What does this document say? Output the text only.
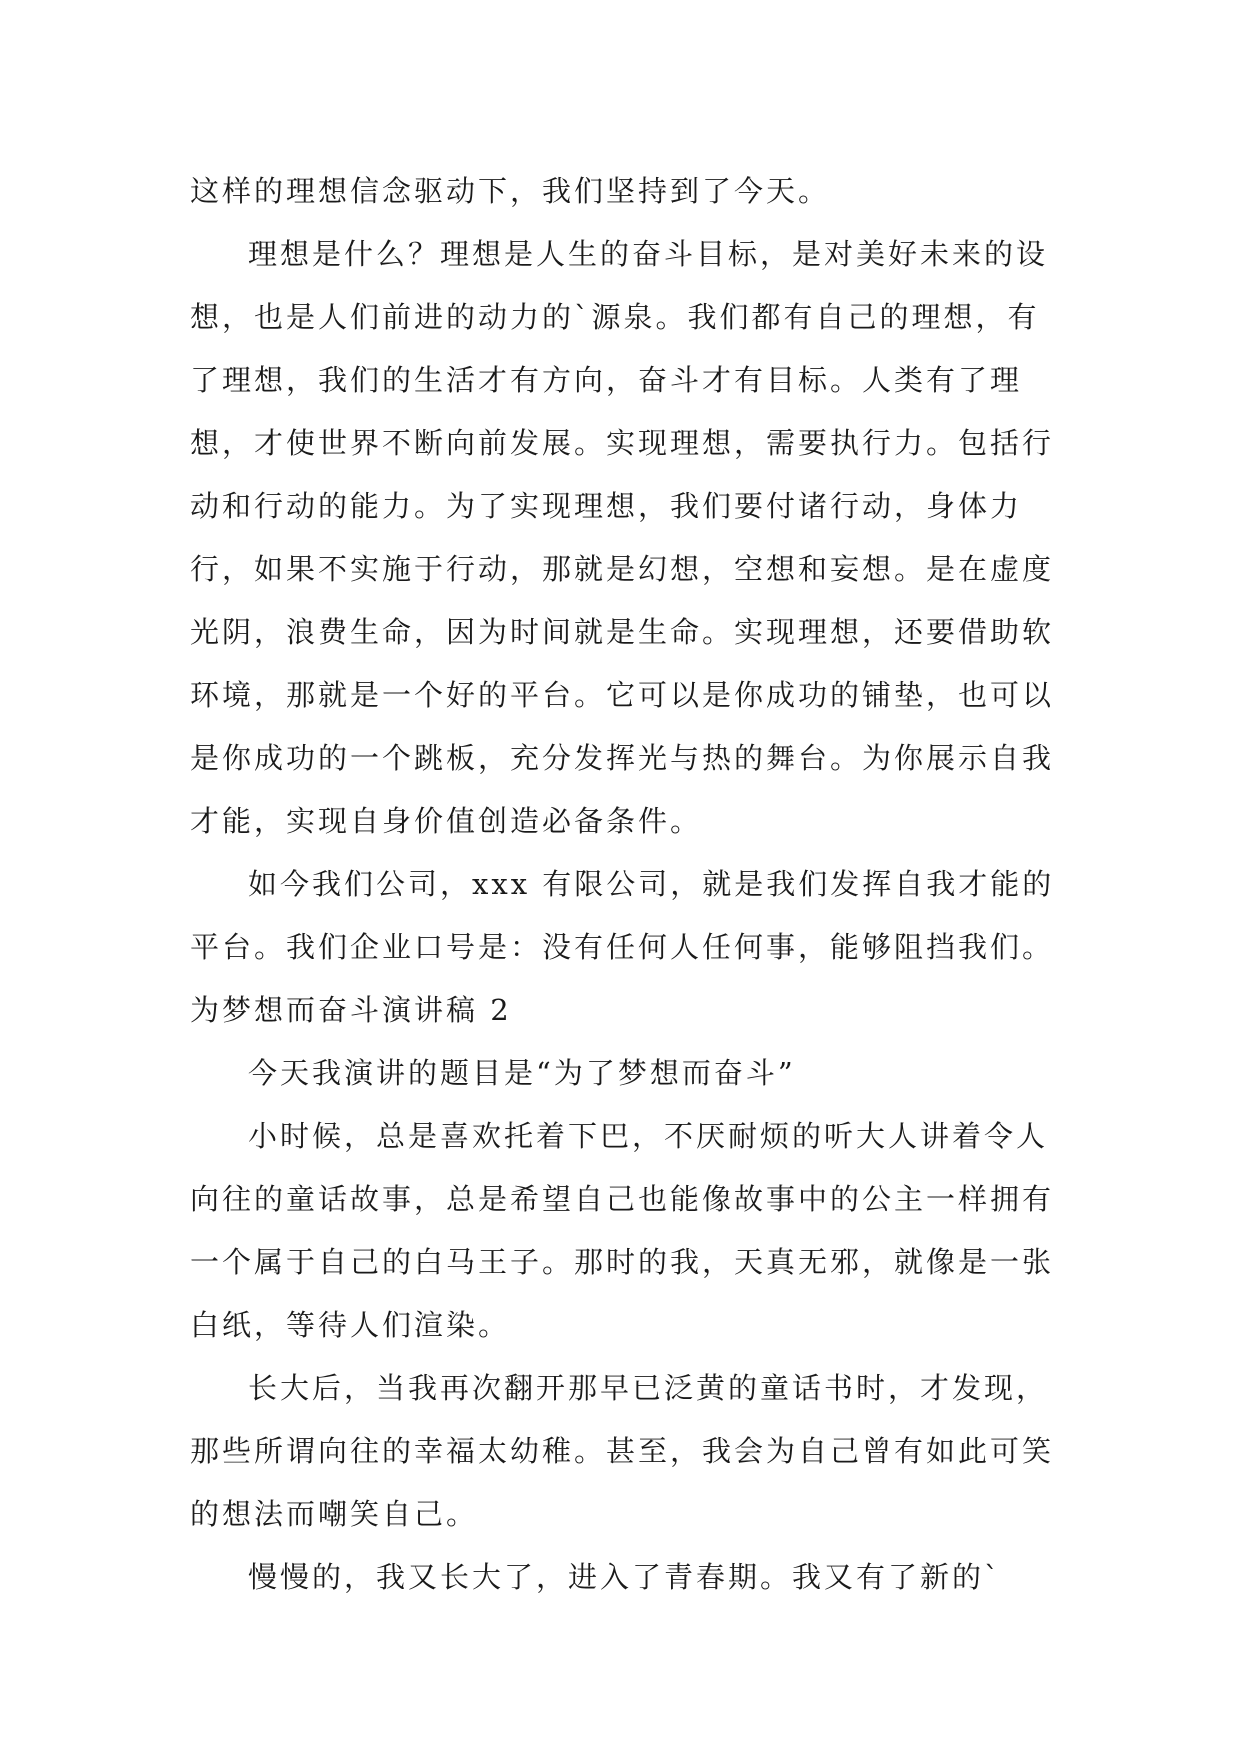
这样的理想信念驱动下，我们坚持到了今天。

理想是什么？理想是人生的奋斗目标，是对美好未来的设想，也是人们前进的动力的`源泉。我们都有自己的理想，有了理想，我们的生活才有方向，奋斗才有目标。人类有了理想，才使世界不断向前发展。实现理想，需要执行力。包括行动和行动的能力。为了实现理想，我们要付诸行动，身体力行，如果不实施于行动，那就是幻想，空想和妄想。是在虚度光阴，浪费生命，因为时间就是生命。实现理想，还要借助软环境，那就是一个好的平台。它可以是你成功的铺垫，也可以是你成功的一个跳板，充分发挥光与热的舞台。为你展示自我才能，实现自身价值创造必备条件。

如今我们公司，xxx 有限公司，就是我们发挥自我才能的平台。我们企业口号是：没有任何人任何事，能够阻挡我们。

为梦想而奋斗演讲稿 2

今天我演讲的题目是“为了梦想而奋斗”

小时候，总是喜欢托着下巴，不厌耐烦的听大人讲着令人向往的童话故事，总是希望自己也能像故事中的公主一样拥有一个属于自己的白马王子。那时的我，天真无邪，就像是一张白纸，等待人们渲染。

长大后，当我再次翻开那早已泛黄的童话书时，才发现，那些所谓向往的幸福太幼稚。甚至，我会为自己曾有如此可笑的想法而嘲笑自己。

慢慢的，我又长大了，进入了青春期。我又有了新的`
